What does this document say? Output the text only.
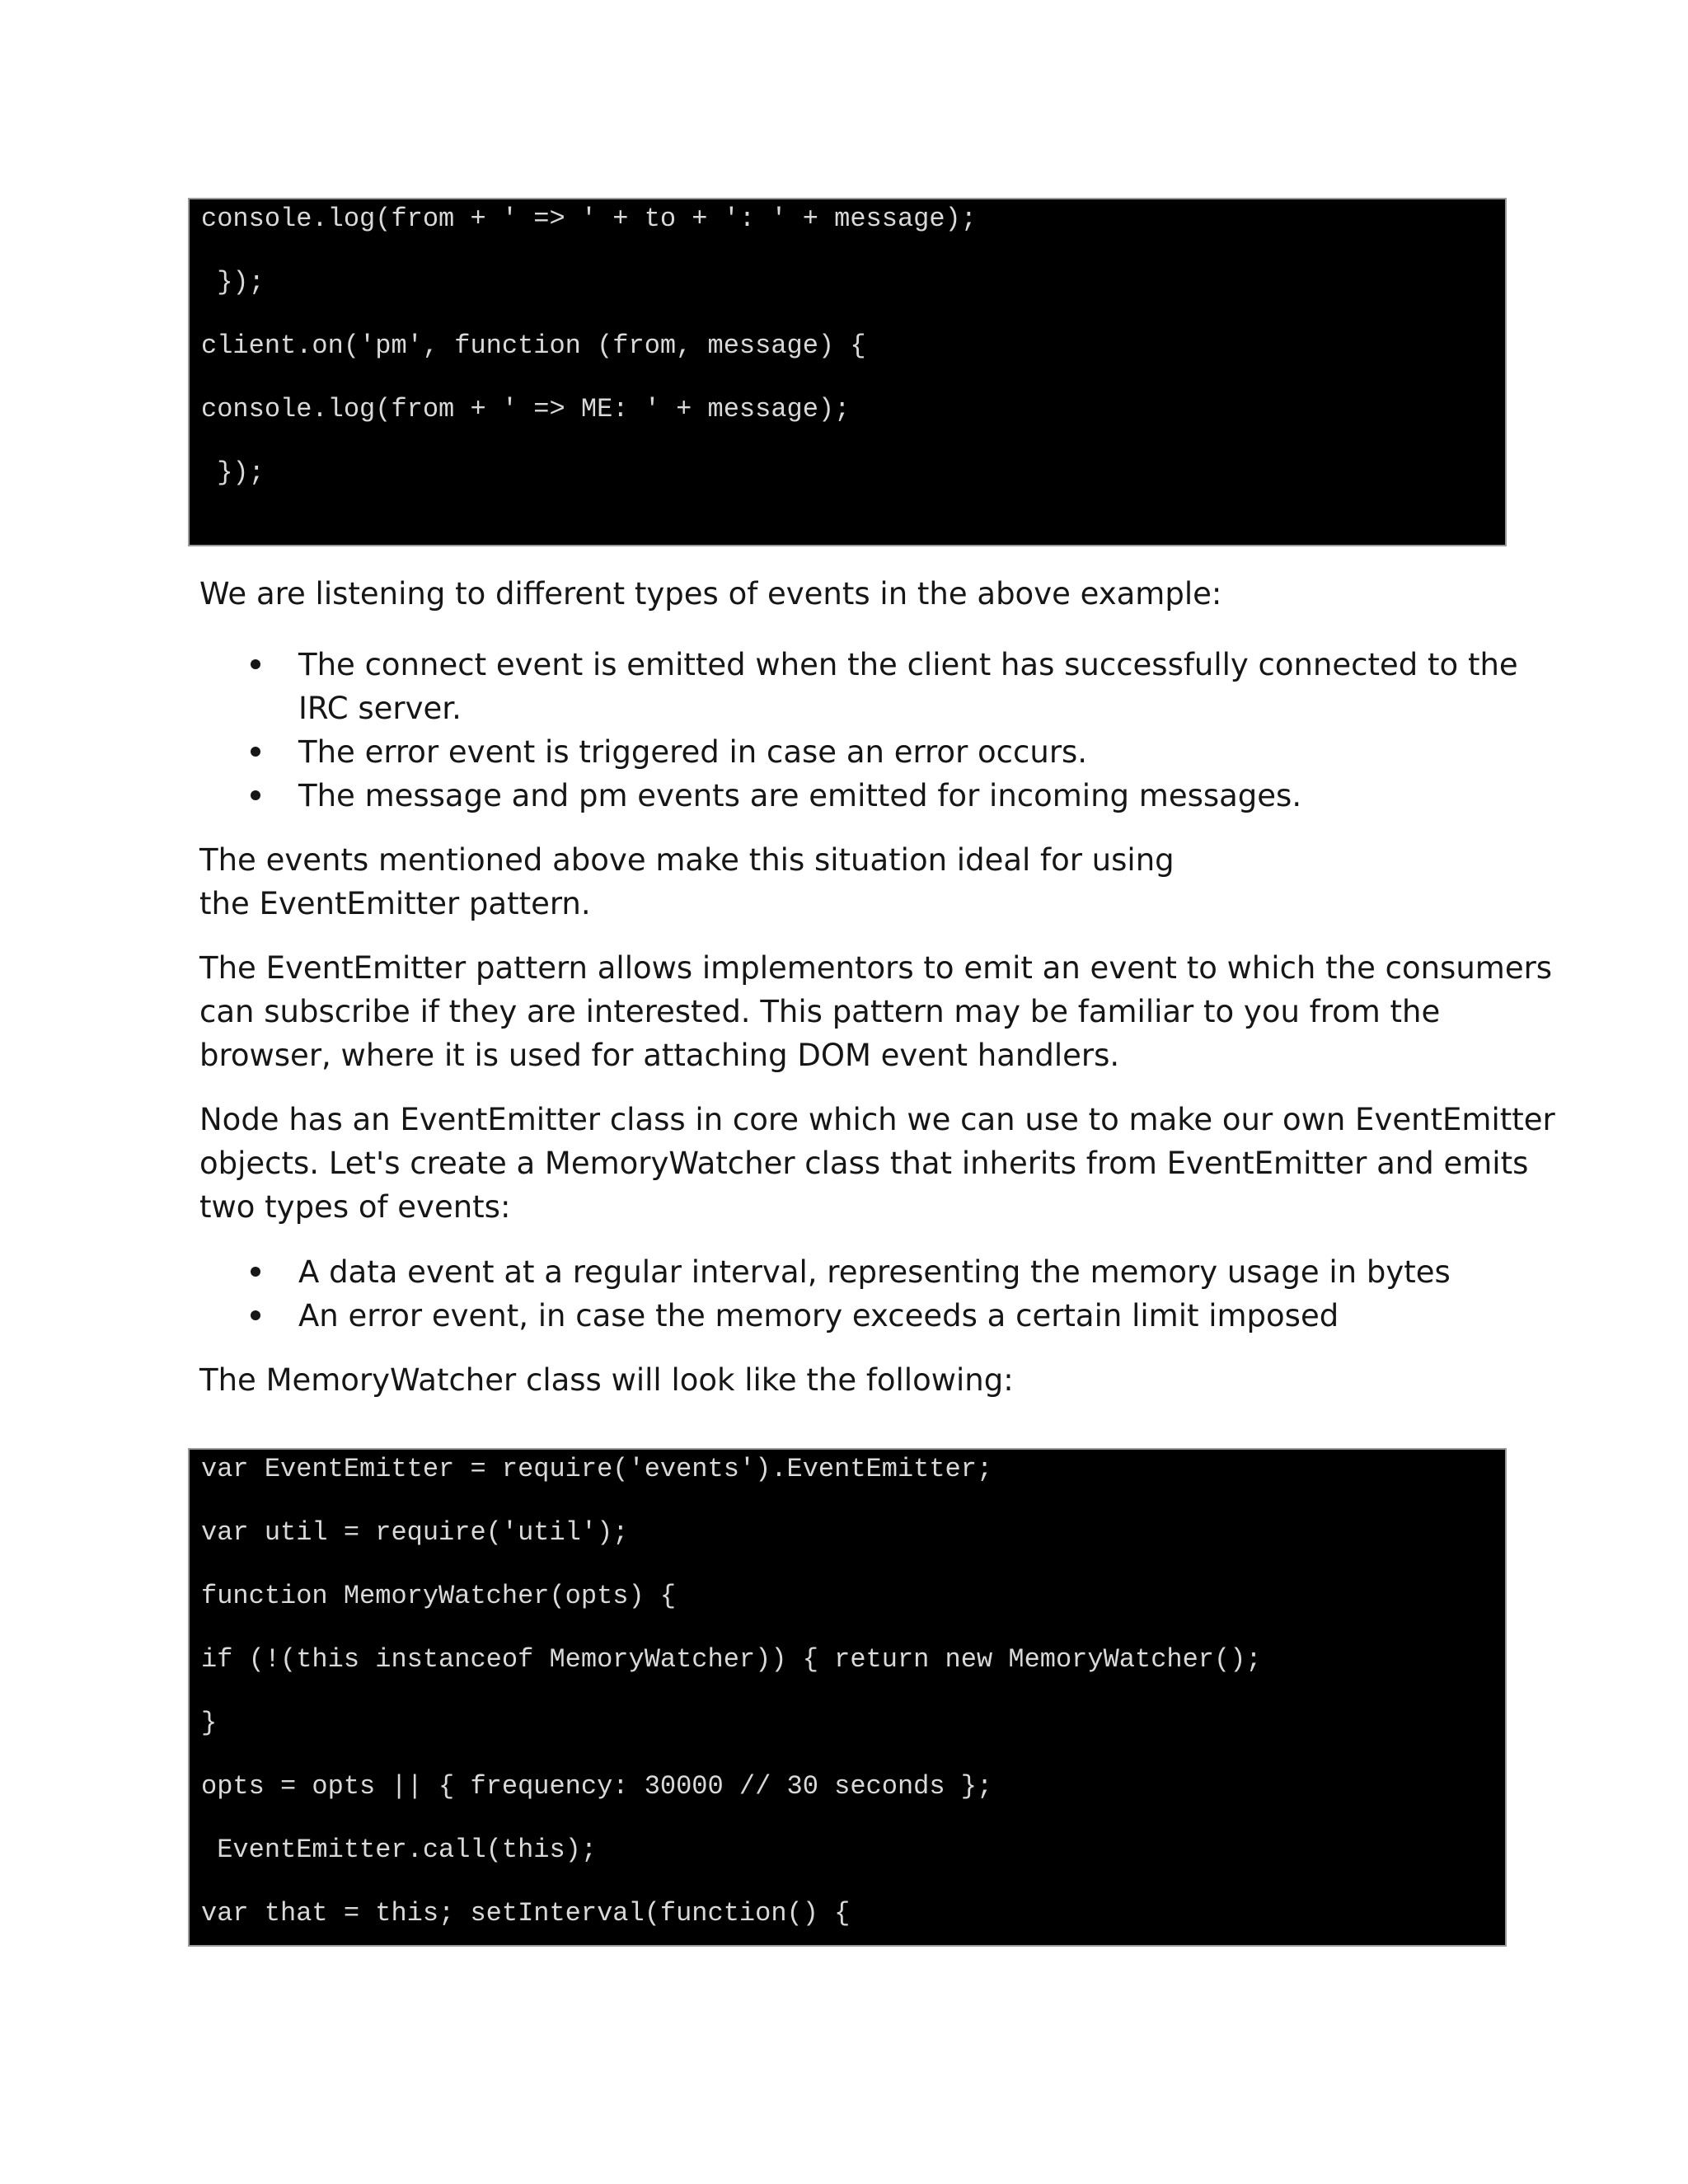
console.log(from + ' => ' + to + ': ' + message);
});
client.on('pm', function (from, message) {
console.log(from + ' => ME: ' + message);
});

We are listening to different types of events in the above example:

The connect event is emitted when the client has successfully connected to the

IRC server.

The error event is triggered in case an error occurs.

The message and pm events are emitted for incoming messages.

The events mentioned above make this situation ideal for using

the EventEmitter pattern.

The EventEmitter pattern allows implementors to emit an event to which the consumers

can subscribe if they are interested. This pattern may be familiar to you from the

browser, where it is used for attaching DOM event handlers.

Node has an EventEmitter class in core which we can use to make our own EventEmitter

objects. Let's create a MemoryWatcher class that inherits from EventEmitter and emits

two types of events:

A data event at a regular interval, representing the memory usage in bytes

An error event, in case the memory exceeds a certain limit imposed

The MemoryWatcher class will look like the following:

var EventEmitter = require('events').EventEmitter;
var util = require('util');
function MemoryWatcher(opts) {
if (!(this instanceof MemoryWatcher)) { return new MemoryWatcher();
}
opts = opts || { frequency: 30000 // 30 seconds };
EventEmitter.call(this);
var that = this; setInterval(function() {
